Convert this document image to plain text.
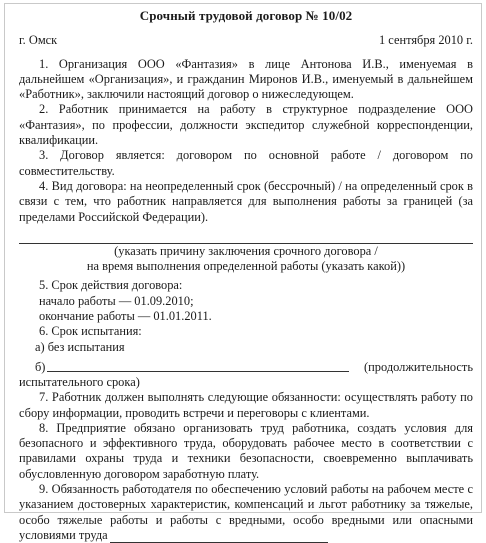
Срочный трудовой договор № 10/02
г. Омск	1 сентября 2010 г.

1. Организация ООО «Фантазия» в лице Антонова И.В., именуемая в дальнейшем «Организация», и гражданин Миронов И.В., именуемый в дальнейшем «Работник», заключили настоящий договор о нижеследующем.

2. Работник принимается на работу в структурное подразделение ООО «Фантазия», по профессии, должности экспедитор служебной корреспонденции, квалификации.

3. Договор является: договором по основной работе / договором по совместительству.

4. Вид договора: на неопределенный срок (бессрочный) / на определенный срок в связи с тем, что работник направляется для выполнения работы за границей (за пределами Российской Федерации).

(указать причину заключения срочного договора /

на время выполнения определенной работы (указать какой))

5. Срок действия договора:

начало работы — 01.09.2010;

окончание работы — 01.01.2011.

6. Срок испытания:

а) без испытания

б)	(продолжительность

испытательного срока)

7. Работник должен выполнять следующие обязанности: осуществлять работу по сбору информации, проводить встречи и переговоры с клиентами.

8. Предприятие обязано организовать труд работника, создать условия для безопасного и эффективного труда, оборудовать рабочее место в соответствии с правилами охраны труда и техники безопасности, своевременно выплачивать обусловленную договором заработную плату.

9. Обязанность работодателя по обеспечению условий работы на рабочем месте с указанием достоверных характеристик, компенсаций и льгот работнику за тяжелые, особо тяжелые работы и работы с вредными, особо вредными или опасными условиями труда
